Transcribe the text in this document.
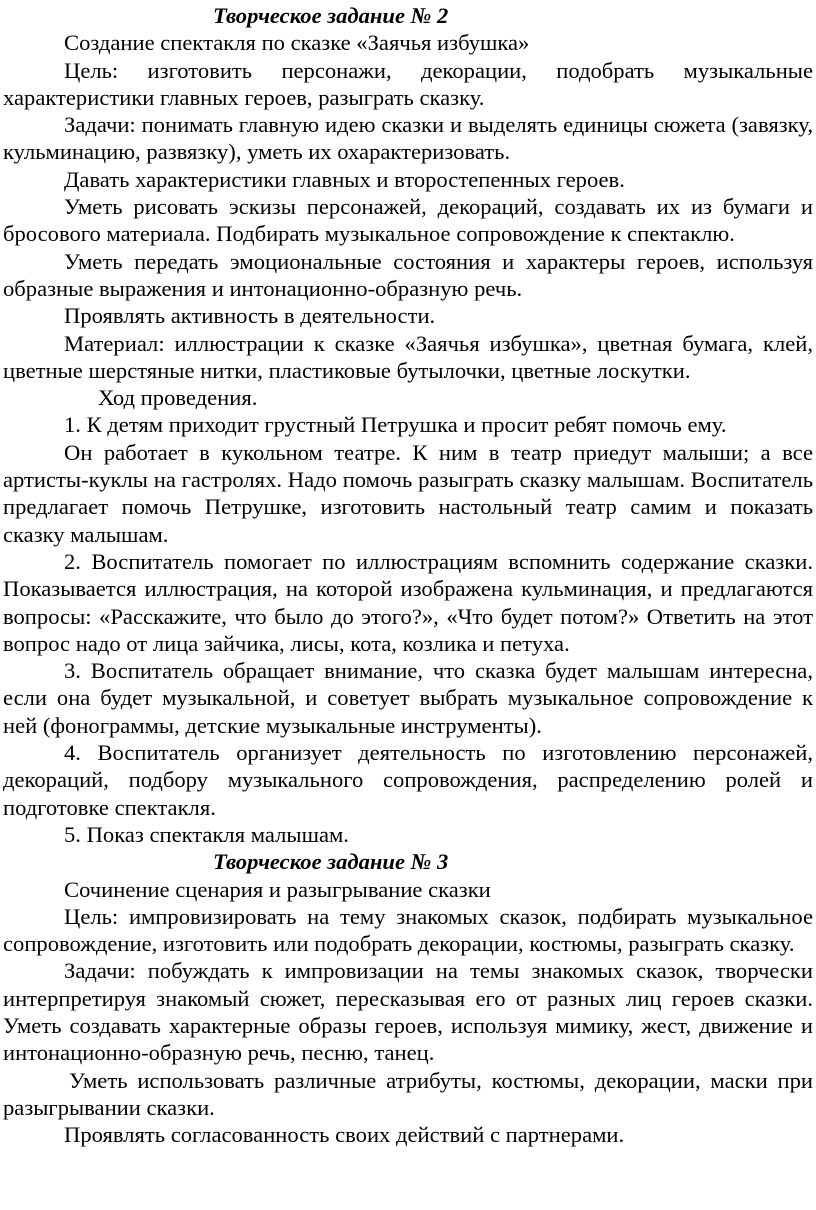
Творческое задание № 2

Создание спектакля по сказке «Заячья избушка»

Цель: изготовить персонажи, декорации, подобрать музыкальные характеристики главных героев, разыграть сказку.

Задачи: понимать главную идею сказки и выделять единицы сюжета (завязку, кульминацию, развязку), уметь их охарактеризовать.

Давать характеристики главных и второстепенных героев.

Уметь рисовать эскизы персонажей, декораций, создавать их из бумаги и бросового материала. Подбирать музыкальное сопровождение к спектаклю.

Уметь передать эмоциональные состояния и характеры героев, используя образные выражения и интонационно-образную речь.

Проявлять активность в деятельности.

Материал: иллюстрации к сказке «Заячья избушка», цветная бумага, клей, цветные шерстяные нитки, пластиковые бутылочки, цветные лоскутки.

Ход проведения.

1. К детям приходит грустный Петрушка и просит ребят помочь ему.

Он работает в кукольном театре. К ним в театр приедут малыши; а все артисты-куклы на гастролях. Надо помочь разыграть сказку малышам. Воспитатель предлагает помочь Петрушке, изготовить настольный театр самим и показать сказку малышам.

2. Воспитатель помогает по иллюстрациям вспомнить содержание сказки. Показывается иллюстрация, на которой изображена кульминация, и предлагаются вопросы: «Расскажите, что было до этого?», «Что будет потом?» Ответить на этот вопрос надо от лица зайчика, лисы, кота, козлика и петуха.

3. Воспитатель обращает внимание, что сказка будет малышам интересна, если она будет музыкальной, и советует выбрать музыкальное сопровождение к ней (фонограммы, детские музыкальные инструменты).

4. Воспитатель организует деятельность по изготовлению персонажей, декораций, подбору музыкального сопровождения, распределению ролей и подготовке спектакля.

5. Показ спектакля малышам.

Творческое задание № 3

Сочинение сценария и разыгрывание сказки

Цель: импровизировать на тему знакомых сказок, подбирать музыкальное сопровождение, изготовить или подобрать декорации, костюмы, разыграть сказку.

Задачи: побуждать к импровизации на темы знакомых сказок, творчески интерпретируя знакомый сюжет, пересказывая его от разных лиц героев сказки. Уметь создавать характерные образы героев, используя мимику, жест, движение и интонационно-образную речь, песню, танец.

Уметь использовать различные атрибуты, костюмы, декорации, маски при разыгрывании сказки.

Проявлять согласованность своих действий с партнерами.
